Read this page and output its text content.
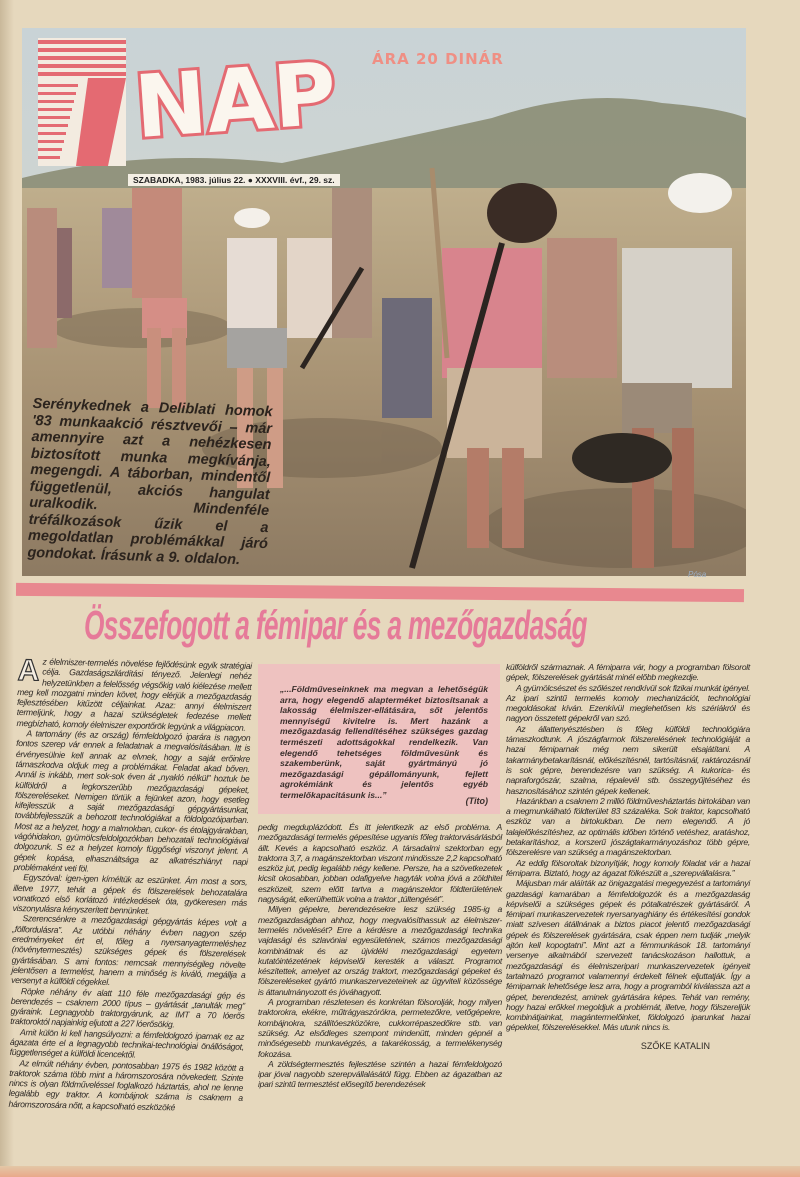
NAP ÁRA 20 DINÁR
SZABADKA, 1983. július 22. ● XXXVIII. évf., 29. sz.
Serénykednek a Deliblati homok '83 munkaakció résztvevői – már amennyire azt a nehézkesen biztosított munka megkívánja, megengdi. A táborban, mindentől függetlenül, akciós hangulat uralkodik. Mindenféle tréfálkozások űzik el a megoldatlan problémákkal járó gondokat. Írásunk a 9. oldalon.
Pósa
Összefogott a fémipar és a mezőgazdaság

Az élelmiszer-termelés növelése fejlődésünk egyik stratégiai célja. Gazdaságszilárdítási tényező. Jelenlegi nehéz helyzetünkben a felelősség végsőkig való kiélezése mellett meg kell mozgatni minden követ, hogy elérjük a mezőgazdaság fejlesztésében kitűzött céljainkat. Azaz: annyi élelmiszert termeljünk, hogy a hazai szükségletek fedezése mellett megbízható, komoly élelmiszer exportőrök legyünk a világpiacon.

A tartomány (és az ország) fémfeldolgozó iparára is nagyon fontos szerep vár ennek a feladatnak a megvalósításában. Itt is érvényesülnie kell annak az elvnek, hogy a saját erőinkre támaszkodva oldjuk meg a problémákat. Feladat akad bőven. Annál is inkább, mert sok-sok éven át „nyakló nélkül” hoztuk be külföldről a legkorszerűbb mezőgazdasági gépeket, fölszereléseket. Nemigen törtük a fejünket azon, hogy esetleg kifejlesszük a saját mezőgazdasági gépgyártásunkat, továbbfejlesszük a behozott technológiákat a földolgozóiparban. Most az a helyzet, hogy a malmokban, cukor- és étolajgyárakban, vágóhidakon, gyümölcsfeldolgozókban behozatali technológiával dolgozunk. S ez a helyzet komoly függőségi viszonyt jelent. A gépek kopása, elhasználtsága az alkatrészhiányt napi problémaként veti föl.

Egyszóval: igen-igen kíméltük az eszünket. Ám most a sors, illetve 1977, tehát a gépek és fölszerelések behozatalára vonatkozó első korlátozó intézkedések óta, gyökeresen más viszonyulásra kényszerített bennünket.

Szerencsénkre a mezőgazdasági gépgyártás képes volt a „fölfordulásra”. Az utóbbi néhány évben nagyon szép eredményeket ért el, főleg a nyersanyagtermeléshez (növénytermesztés) szükséges gépek és fölszerelések gyártásában. S ami fontos: nemcsak mennyiségileg növelte jelentősen a termelést, hanem a minőség is kiváló, megállja a versenyt a külföldi cégekkel.

Röpke néhány év alatt 110 féle mezőgazdasági gép és berendezés – csaknem 2000 típus – gyártását „tanulták meg” gyáraink. Legnagyobb traktorgyárunk, az IMT a 70 lóerős traktoroktól napjainkig eljutott a 227 lóerősökig.

Amit külön ki kell hangsúlyozni: a fémfeldolgozó iparnak ez az ágazata érte el a legnagyobb technikai-technológiai önállóságot, függetlenséget a külföldi licencektől.

Az elmúlt néhány évben, pontosabban 1975 és 1982 között a traktorok száma több mint a háromszorosára növekedett. Szinte nincs is olyan földműveléssel foglalkozó háztartás, ahol ne lenne legalább egy traktor. A kombájnok száma is csaknem a háromszorosára nőtt, a kapcsolható eszközöké

„...Földműveseinknek ma megvan a lehetőségük arra, hogy elegendő alapterméket biztosítsanak a lakosság élelmiszer-ellátására, sőt jelentős mennyiségű kivitelre is. Mert hazánk a mezőgazdaság fellendítéséhez szükséges gazdag természeti adottságokkal rendelkezik. Van elegendő tehetséges földművesünk és szakemberünk, saját gyártmányú jó mezőgazdasági gépállományunk, fejlett agrokémiánk és jelentős egyéb termelőkapacitásunk is...”
(Tito)

pedig megduplázódott. És itt jelentkezik az első probléma. A mezőgazdasági termelés gépesítése ugyanis főleg traktorvásárlásból állt. Kevés a kapcsolható eszköz. A társadalmi szektorban egy traktorra 3,7, a magánszektorban viszont mindössze 2,2 kapcsolható eszköz jut, pedig legalább négy kellene. Persze, ha a szövetkezetek kicsit okosabban, jobban odafigyelve hagyták volna jóvá a zöldhitel eszközeit, szem előtt tartva a magánszektor földterületének nagyságát, elkerülhettük volna a traktor „túltengését”.

Milyen gépekre, berendezésekre lesz szükség 1985-ig a mezőgazdaságban ahhoz, hogy megvalósíthassuk az élelmiszer-termelés növelését? Erre a kérdésre a mezőgazdasági technika vajdasági és szlavóniai egyesületének, számos mezőgazdasági kombinátnak és az újvidéki mezőgazdasági egyetem kutatóintézetének képviselői keresték a választ. Programot készítettek, amelyet az ország traktort, mezőgazdasági gépeket és fölszereléseket gyártó munkaszervezeteinek az ügyviteli közössége is áttanulmányozott és jóváhagyott.

A programban részletesen és konkrétan fölsorolják, hogy milyen traktorokra, ekékre, műtrágyaszórókra, permetezőkre, vetőgépekre, kombájnokra, szállítóeszközökre, cukkorrépaszedőkre stb. van szükség. Az elsődleges szempont mindenütt, minden gépnél a minőségesebb munkavégzés, a takarékosság, a termelékenység fokozása.

A zöldségtermesztés fejlesztése szintén a hazai fémfeldolgozó ipar jóval nagyobb szerepvállalásától függ. Ebben az ágazatban az ipari szintű termesztést elősegítő berendezések

külföldről származnak. A fémiparra vár, hogy a programban fölsorolt gépek, fölszerelések gyártását minél előbb megkezdje.

A gyümölcsészet és szőlészet rendkívül sok fizikai munkát igényel. Az ipari szintű termelés komoly mechanizációt, technológiai megoldásokat kíván. Ezenkívül meglehetősen kis szériákról és nagyon összetett gépekről van szó.

Az állattenyésztésben is főleg külföldi technológiára támaszkodtunk. A jószágfarmok fölszerelésének technológiáját a hazai fémiparnak még nem sikerült elsajátítani. A takarmánybetakarításnál, előkészítésnél, tartósításnál, raktározásnál is sok gépre, berendezésre van szükség. A kukorica- és napraforgószár, szalma, répalevél stb. összegyűjtéséhez és hasznosításához szintén gépek kellenek.

Hazánkban a csaknem 2 millió földművesháztartás birtokában van a megmunkálható földterület 83 százaléka. Sok traktor, kapcsolható eszköz van a birtokukban. De nem elegendő. A jó talajelőkészítéshez, az optimális időben történő vetéshez, aratáshoz, betakarításhoz, a korszerű jószágtakarmányozáshoz több gépre, fölszerelésre van szükség a magánszektorban.

Az eddig fölsoroltak bizonyítják, hogy komoly föladat vár a hazai fémiparra. Biztató, hogy az ágazat fölkészült a „szerepvállalásra.”

Májusban már aláírták az önigazgatási megegyezést a tartományi gazdasági kamarában a fémfeldolgozók és a mezőgazdaság képviselői a szükséges gépek és pótalkatrészek gyártásáról. A fémipari munkaszervezetek nyersanyaghiány és értékesítési gondok miatt szívesen átállnának a biztos piacot jelentő mezőgazdasági gépek és fölszerelések gyártására, csak éppen nem tudják „melyik ajtón kell kopogtatni”. Mint azt a fémmunkások 18. tartományi versenye alkalmából szervezett tanácskozáson hallottuk, a mezőgazdasági és élelmiszeripari munkaszervezetek igényeit tartalmazó programot valamennyi érdekelt félnek eljuttatják. Így a fémiparnak lehetősége lesz arra, hogy a programból kiválassza azt a gépet, berendezést, aminek gyártására képes. Tehát van remény, hogy hazai erőkkel megoldjuk a problémát, illetve, hogy fölszereljük kombinátjainkat, magántermelőinket, földolgozó iparunkat hazai gépekkel, fölszerelésekkel. Más utunk nincs is.

SZŐKE KATALIN
